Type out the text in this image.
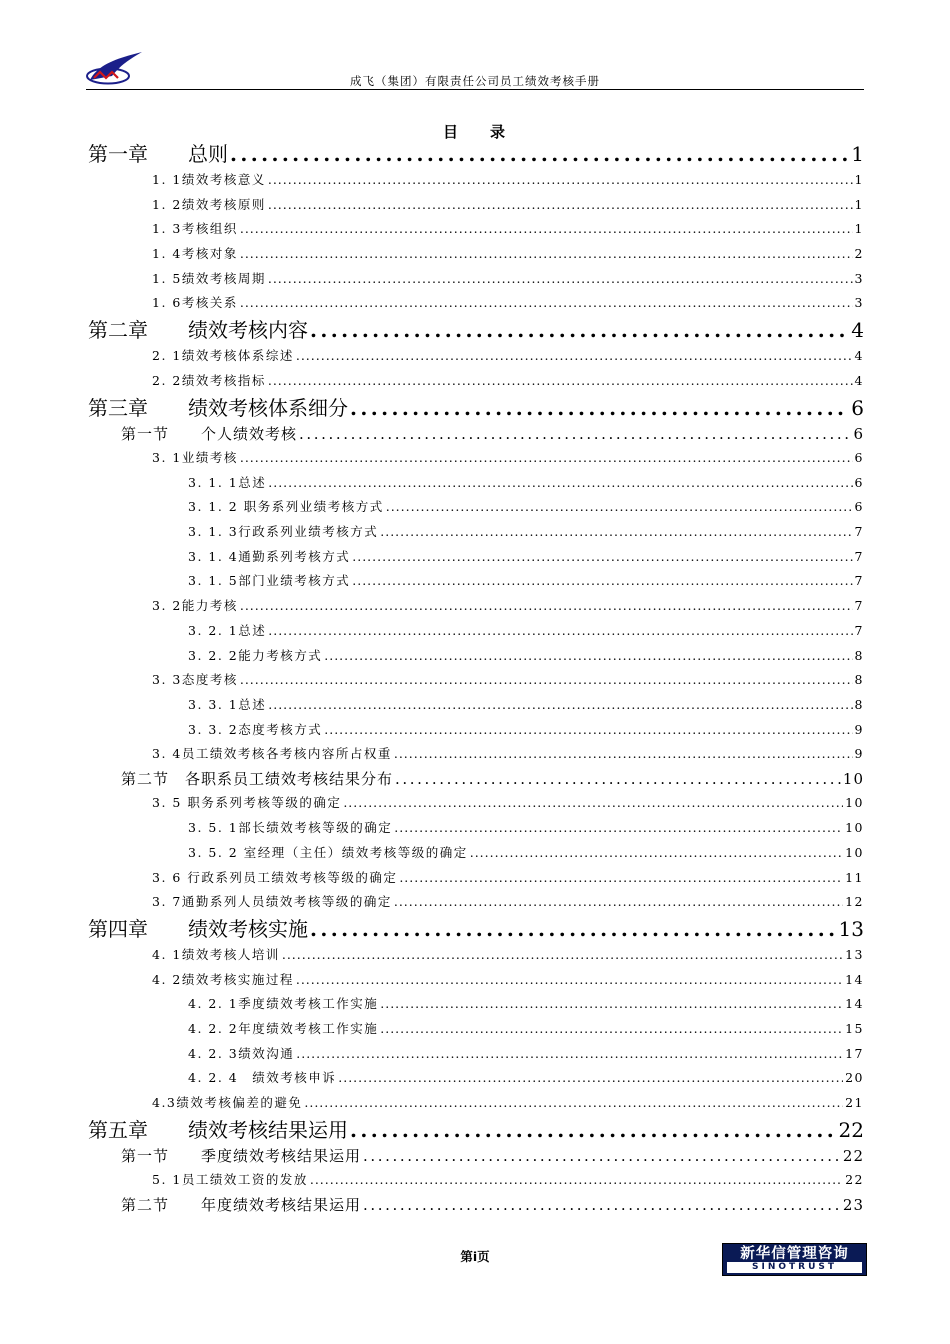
成飞（集团）有限责任公司员工绩效考核手册
目 录
第一章　　总则 .....	1
1. 1绩效考核意义 .....	1
1. 2绩效考核原则 .....	1
1. 3考核组织 .....	1
1. 4考核对象 .....	2
1. 5绩效考核周期 .....	3
1. 6考核关系 .....	3
第二章　　绩效考核内容 .....	4
2. 1绩效考核体系综述 .....	4
2. 2绩效考核指标 .....	4
第三章　　绩效考核体系细分 .....	6
第一节　　个人绩效考核 .....	6
3. 1业绩考核 .....	6
3. 1. 1总述 .....	6
3. 1. 2 职务系列业绩考核方式 .....	6
3. 1. 3行政系列业绩考核方式 .....	7
3. 1. 4通勤系列考核方式 .....	7
3. 1. 5部门业绩考核方式 .....	7
3. 2能力考核 .....	7
3. 2. 1总述 .....	7
3. 2. 2能力考核方式 .....	8
3. 3态度考核 .....	8
3. 3. 1总述 .....	8
3. 3. 2态度考核方式 .....	9
3. 4员工绩效考核各考核内容所占权重 .....	9
第二节　各职系员工绩效考核结果分布 .....	10
3. 5 职务系列考核等级的确定 .....	10
3. 5. 1部长绩效考核等级的确定 .....	10
3. 5. 2 室经理（主任）绩效考核等级的确定 .....	10
3. 6 行政系列员工绩效考核等级的确定 .....	11
3. 7通勤系列人员绩效考核等级的确定 .....	12
第四章　　绩效考核实施 .....	13
4. 1绩效考核人培训 .....	13
4. 2绩效考核实施过程 .....	14
4. 2. 1季度绩效考核工作实施 .....	14
4. 2. 2年度绩效考核工作实施 .....	15
4. 2. 3绩效沟通 .....	17
4. 2. 4　绩效考核申诉 .....	20
4.3绩效考核偏差的避免 .....	21
第五章　　绩效考核结果运用 .....	22
第一节　　季度绩效考核结果运用 .....	22
5. 1员工绩效工资的发放 .....	22
第二节　　年度绩效考核结果运用 .....	23
第i页	新华信管理咨询
SINOTRUST
